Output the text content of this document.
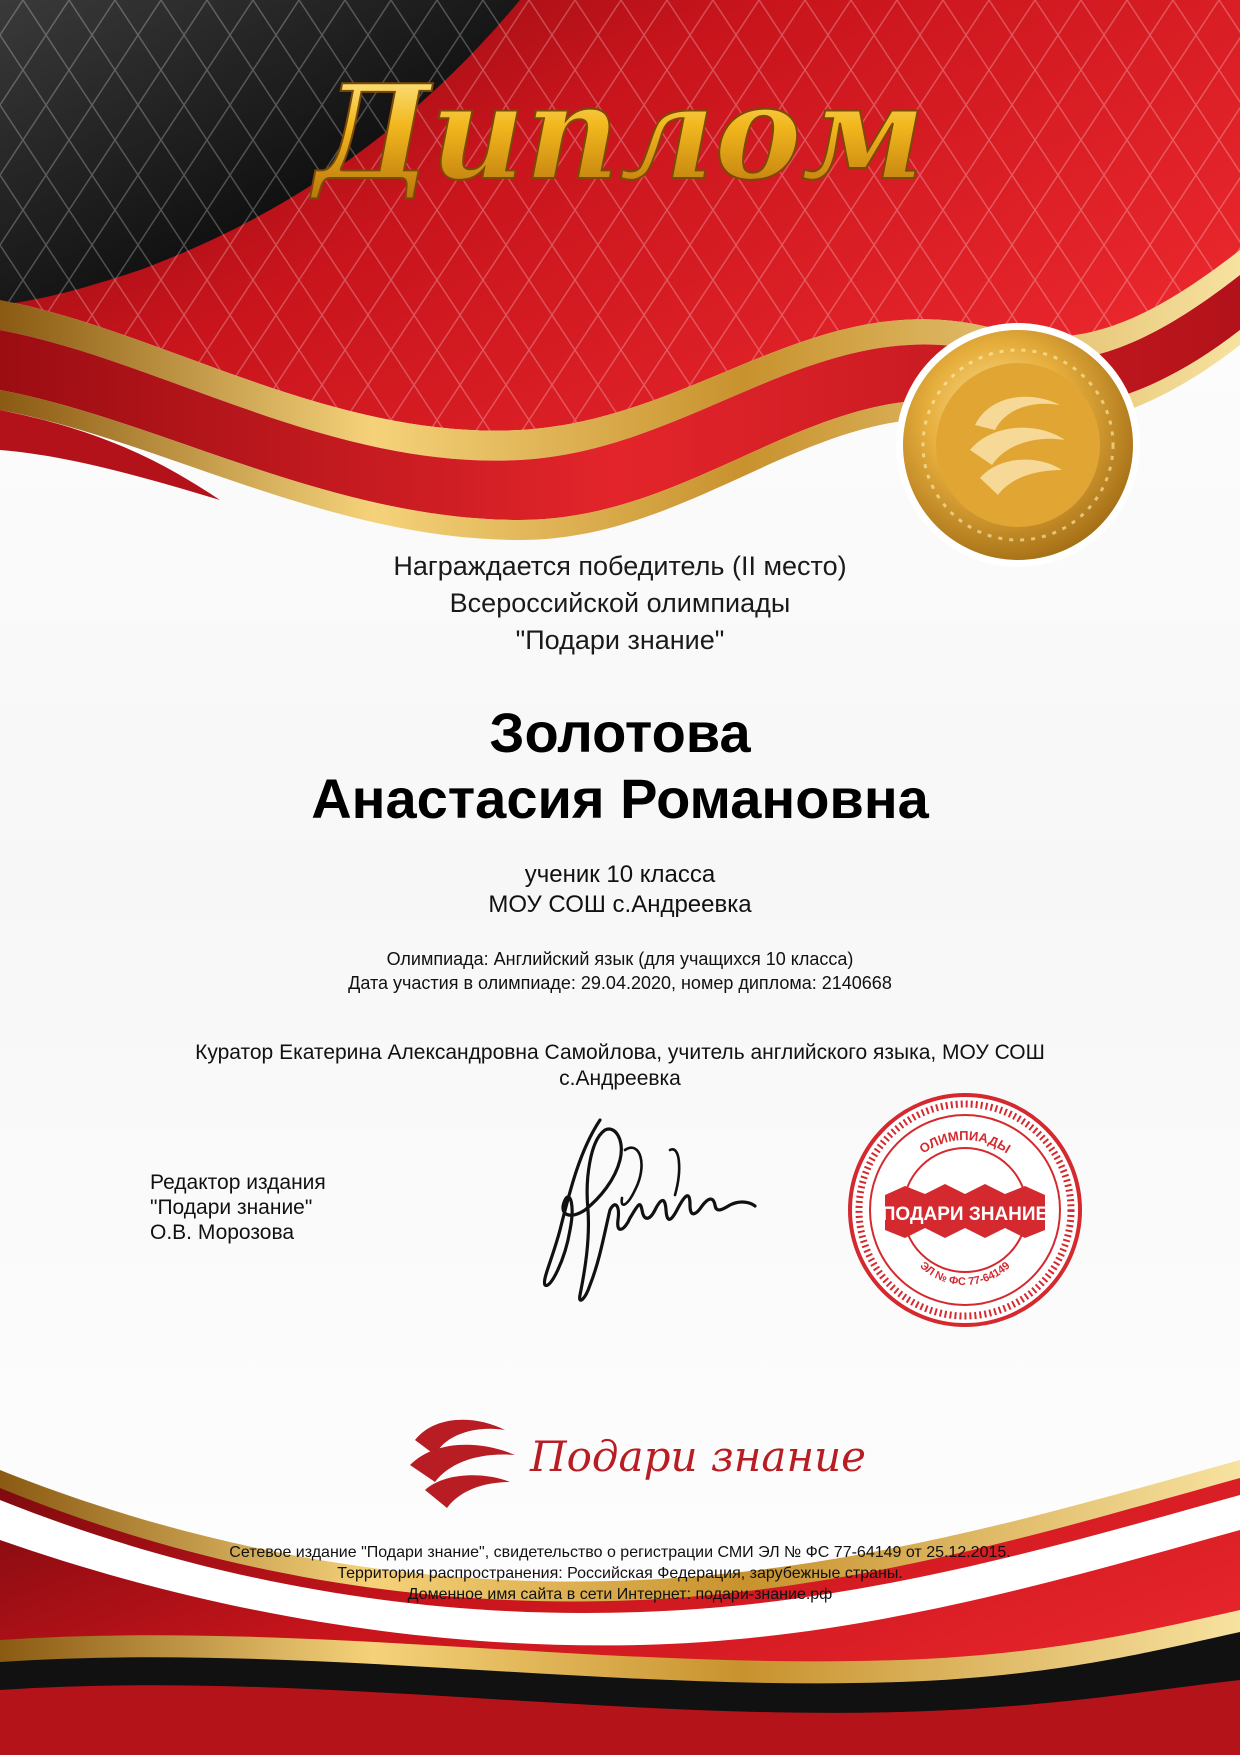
Диплом
Награждается победитель (II место)
Всероссийской олимпиады
"Подари знание"
Золотова
Анастасия Романовна
ученик 10 класса
МОУ СОШ с.Андреевка
Олимпиада: Английский язык (для учащихся 10 класса)
Дата участия в олимпиаде: 29.04.2020, номер диплома: 2140668
Куратор Екатерина Александровна Самойлова, учитель английского языка, МОУ СОШ с.Андреевка
Редактор издания
"Подари знание"
О.В. Морозова
ОЛИМПИАДЫ
ЭЛ № ФС 77-64149
ПОДАРИ ЗНАНИЕ
Подари знание
Сетевое издание "Подари знание", свидетельство о регистрации СМИ ЭЛ № ФС 77-64149 от 25.12.2015.
Территория распространения: Российская Федерация, зарубежные страны.
Доменное имя сайта в сети Интернет: подари-знание.рф
